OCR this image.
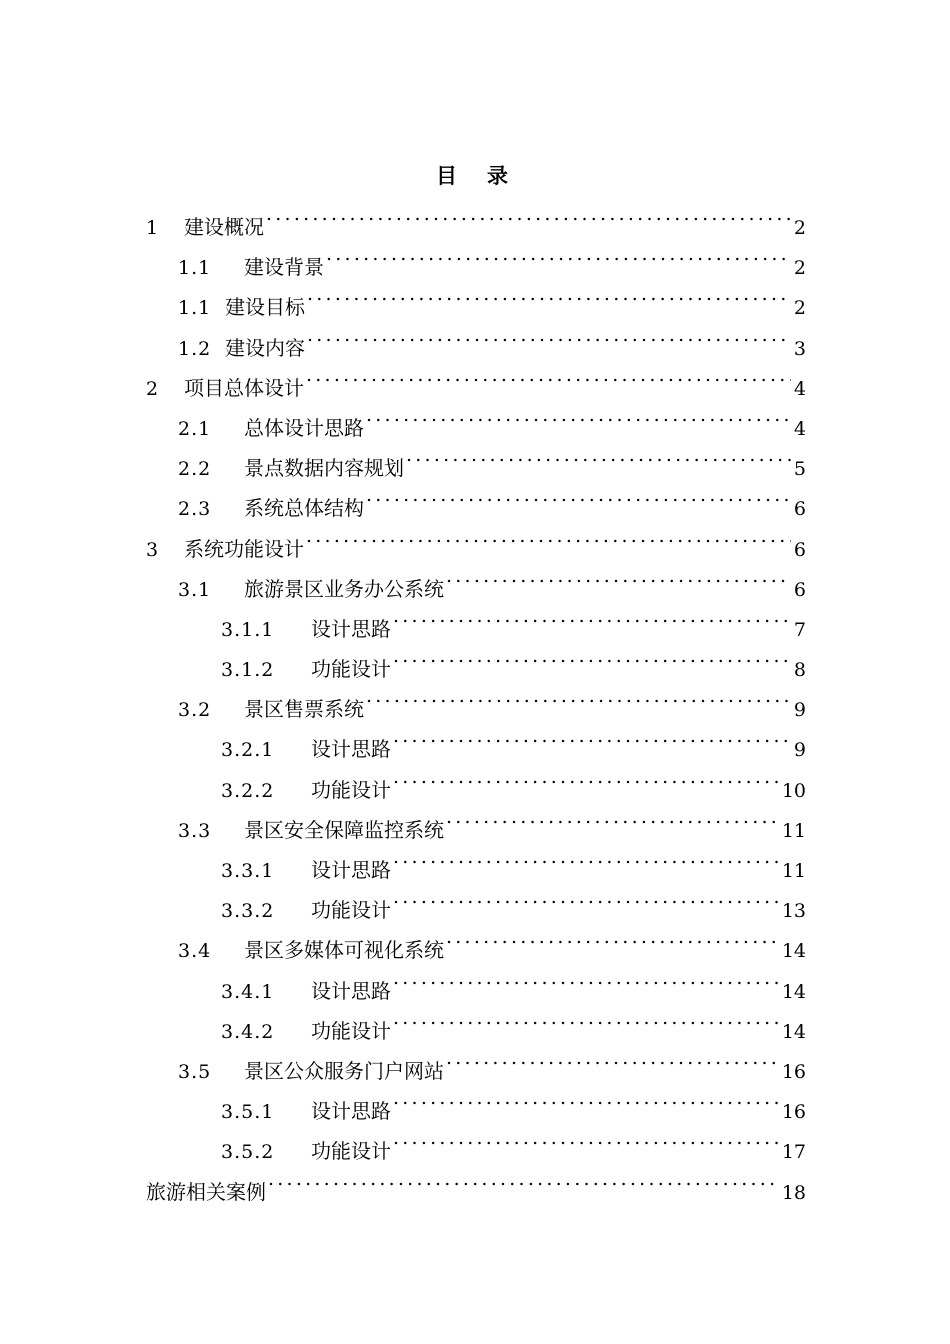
目 录
1	建设概况 . . .	2
1.1	建设背景 . . .	2
1.1 建设目标 . . .	2
1.2 建设内容 . . .	3
2	项目总体设计 . . .	4
2.1	总体设计思路 . . .	4
2.2	景点数据内容规划 . . .	5
2.3	系统总体结构 . . .	6
3	系统功能设计 . . .	6
3.1	旅游景区业务办公系统 . . .	6
3.1.1	设计思路 . . .	7
3.1.2	功能设计 . . .	8
3.2	景区售票系统 . . .	9
3.2.1	设计思路 . . .	9
3.2.2	功能设计 . . .	10
3.3	景区安全保障监控系统 . . .	11
3.3.1	设计思路 . . .	11
3.3.2	功能设计 . . .	13
3.4	景区多媒体可视化系统 . . .	14
3.4.1	设计思路 . . .	14
3.4.2	功能设计 . . .	14
3.5	景区公众服务门户网站 . . .	16
3.5.1	设计思路 . . .	16
3.5.2	功能设计 . . .	17
旅游相关案例 . . .	18
